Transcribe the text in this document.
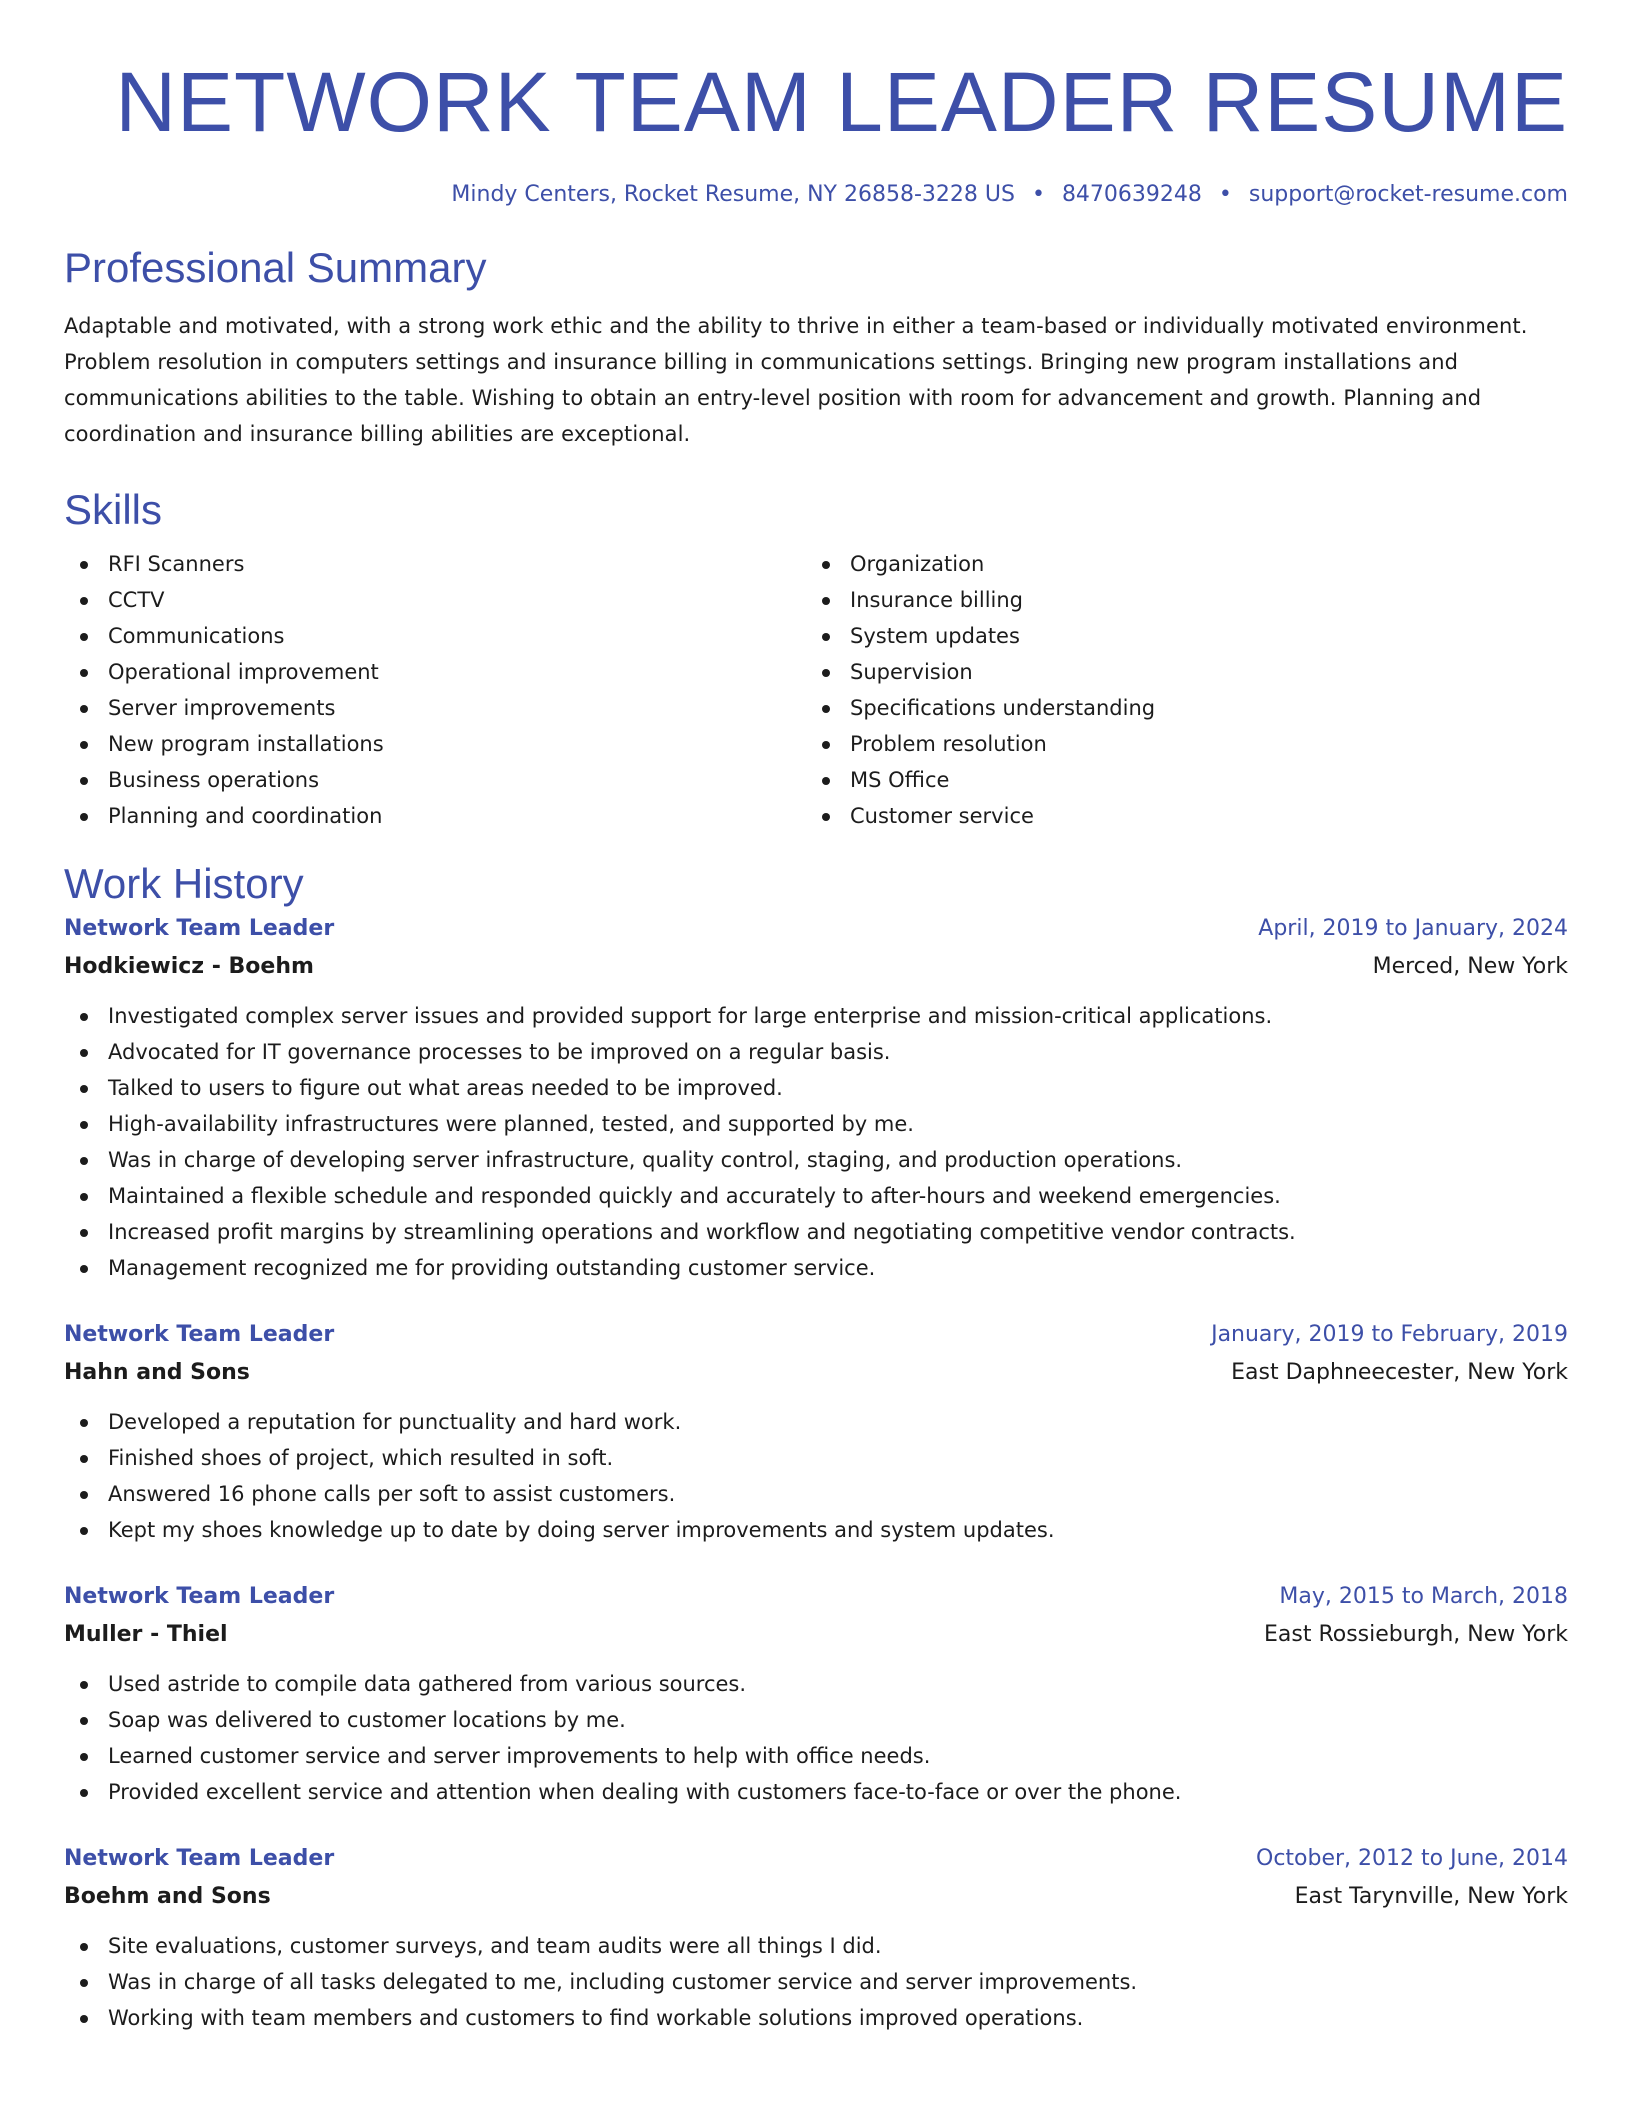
NETWORK TEAM LEADER RESUME
Mindy Centers, Rocket Resume, NY 26858-3228 US • 8470639248 • support@rocket-resume.com
Professional Summary

Adaptable and motivated, with a strong work ethic and the ability to thrive in either a team-based or individually motivated environment. Problem resolution in computers settings and insurance billing in communications settings. Bringing new program installations and communications abilities to the table. Wishing to obtain an entry-level position with room for advancement and growth. Planning and coordination and insurance billing abilities are exceptional.

Skills
RFI Scanners
CCTV
Communications
Operational improvement
Server improvements
New program installations
Business operations
Planning and coordination
Organization
Insurance billing
System updates
Supervision
Specifications understanding
Problem resolution
MS Office
Customer service
Work History
Network Team Leader	April, 2019 to January, 2024
Hodkiewicz - Boehm	Merced, New York
Investigated complex server issues and provided support for large enterprise and mission-critical applications.
Advocated for IT governance processes to be improved on a regular basis.
Talked to users to figure out what areas needed to be improved.
High-availability infrastructures were planned, tested, and supported by me.
Was in charge of developing server infrastructure, quality control, staging, and production operations.
Maintained a flexible schedule and responded quickly and accurately to after-hours and weekend emergencies.
Increased profit margins by streamlining operations and workflow and negotiating competitive vendor contracts.
Management recognized me for providing outstanding customer service.
Network Team Leader	January, 2019 to February, 2019
Hahn and Sons	East Daphneecester, New York
Developed a reputation for punctuality and hard work.
Finished shoes of project, which resulted in soft.
Answered 16 phone calls per soft to assist customers.
Kept my shoes knowledge up to date by doing server improvements and system updates.
Network Team Leader	May, 2015 to March, 2018
Muller - Thiel	East Rossieburgh, New York
Used astride to compile data gathered from various sources.
Soap was delivered to customer locations by me.
Learned customer service and server improvements to help with office needs.
Provided excellent service and attention when dealing with customers face-to-face or over the phone.
Network Team Leader	October, 2012 to June, 2014
Boehm and Sons	East Tarynville, New York
Site evaluations, customer surveys, and team audits were all things I did.
Was in charge of all tasks delegated to me, including customer service and server improvements.
Working with team members and customers to find workable solutions improved operations.
